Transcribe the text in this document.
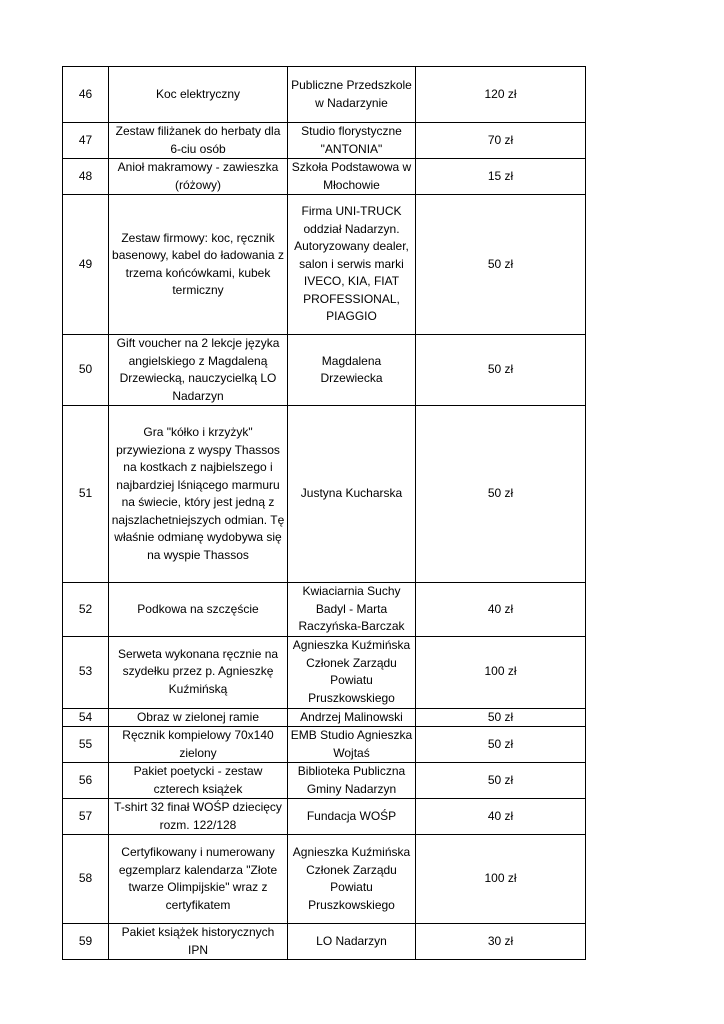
46	Koc elektryczny	Publiczne Przedszkole w Nadarzynie	120 zł
47	Zestaw filiżanek do herbaty dla 6-ciu osób	Studio florystyczne "ANTONIA"	70 zł
48	Anioł makramowy - zawieszka (różowy)	Szkoła Podstawowa w Młochowie	15 zł
49	Zestaw firmowy: koc, ręcznik basenowy, kabel do ładowania z trzema końcówkami, kubek termiczny	Firma UNI-TRUCK oddział Nadarzyn. Autoryzowany dealer, salon i serwis marki IVECO, KIA, FIAT PROFESSIONAL, PIAGGIO	50 zł
50	Gift voucher na 2 lekcje języka angielskiego z Magdaleną Drzewiecką, nauczycielką LO Nadarzyn	Magdalena Drzewiecka	50 zł
51	Gra "kółko i krzyżyk" przywieziona z wyspy Thassos na kostkach z najbielszego i najbardziej lśniącego marmuru na świecie, który jest jedną z najszlachetniejszych odmian. Tę właśnie odmianę wydobywa się na wyspie Thassos	Justyna Kucharska	50 zł
52	Podkowa na szczęście	Kwiaciarnia Suchy Badyl - Marta Raczyńska-Barczak	40 zł
53	Serweta wykonana ręcznie na szydełku przez p. Agnieszkę Kuźmińską	Agnieszka Kuźmińska Członek Zarządu Powiatu Pruszkowskiego	100 zł
54	Obraz w zielonej ramie	Andrzej Malinowski	50 zł
55	Ręcznik kompielowy 70x140 zielony	EMB Studio Agnieszka Wojtaś	50 zł
56	Pakiet poetycki - zestaw czterech książek	Biblioteka Publiczna Gminy Nadarzyn	50 zł
57	T-shirt 32 finał WOŚP dziecięcy rozm. 122/128	Fundacja WOŚP	40 zł
58	Certyfikowany i numerowany egzemplarz kalendarza "Złote twarze Olimpijskie" wraz z certyfikatem	Agnieszka Kuźmińska Członek Zarządu Powiatu Pruszkowskiego	100 zł
59	Pakiet książek historycznych IPN	LO Nadarzyn	30 zł
